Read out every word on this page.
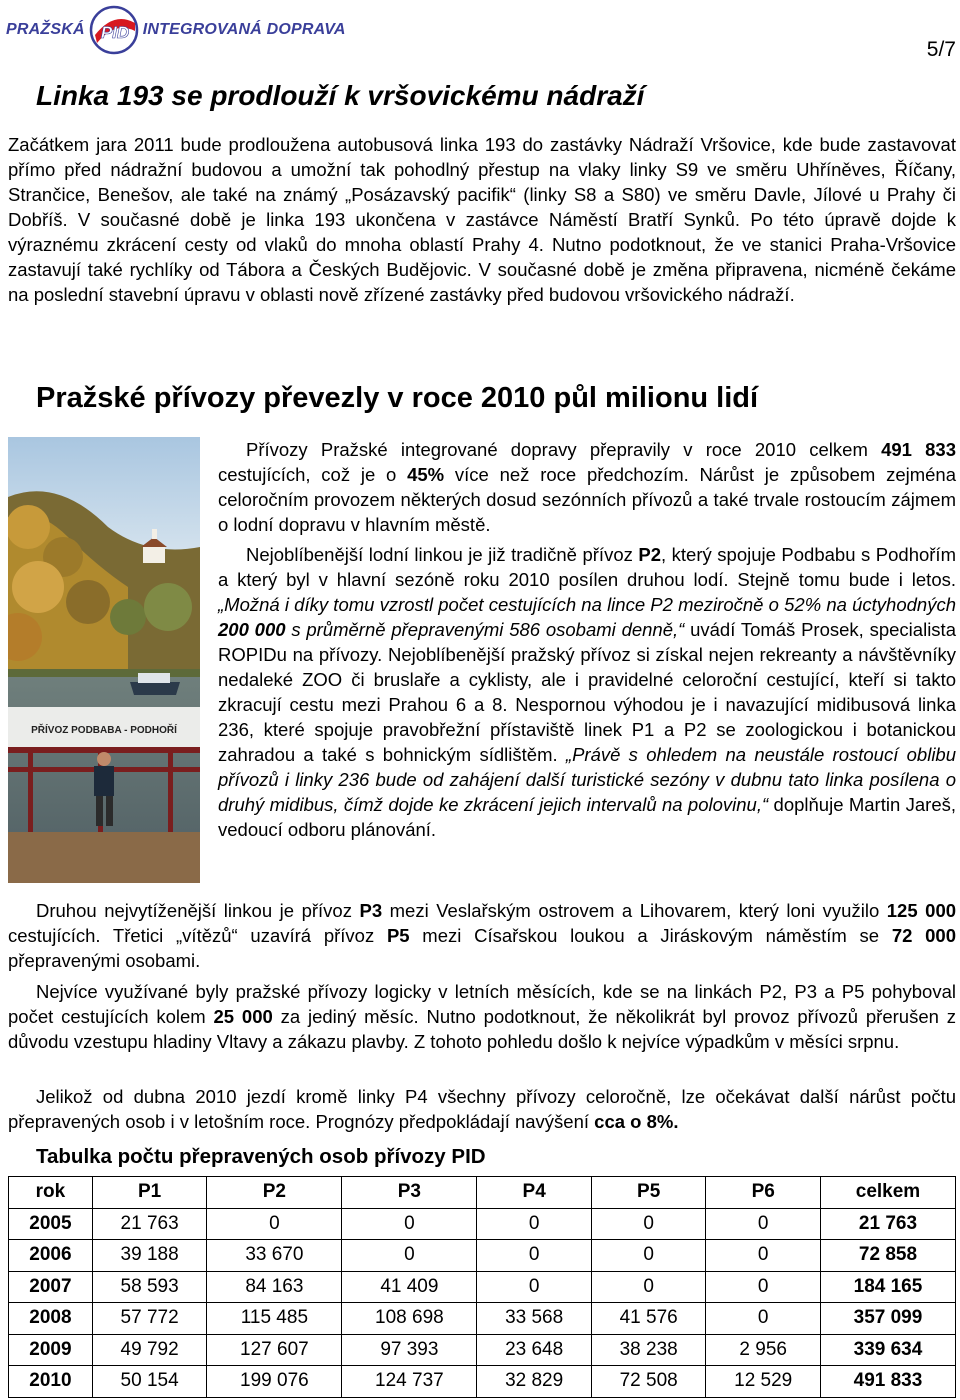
PRAŽSKÁ PID INTEGROVANÁ DOPRAVA
5/7
Linka 193 se prodlouží k vršovickému nádraží

Začátkem jara 2011 bude prodloužena autobusová linka 193 do zastávky Nádraží Vršovice, kde bude zastavovat přímo před nádražní budovou a umožní tak pohodlný přestup na vlaky linky S9 ve směru Uhříněves, Říčany, Strančice, Benešov, ale také na známý „Posázavský pacifik“ (linky S8 a S80) ve směru Davle, Jílové u Prahy či Dobříš. V současné době je linka 193 ukončena v zastávce Náměstí Bratří Synků. Po této úpravě dojde k výraznému zkrácení cesty od vlaků do mnoha oblastí Prahy 4. Nutno podotknout, že ve stanici Praha-Vršovice zastavují také rychlíky od Tábora a Českých Budějovic. V současné době je změna připravena, nicméně čekáme na poslední stavební úpravu v oblasti nově zřízené zastávky před budovou vršovického nádraží.

Pražské přívozy převezly v roce 2010 půl milionu lidí
PŘÍVOZ PODBABA - PODHOŘÍ

Přívozy Pražské integrované dopravy přepravily v roce 2010 celkem 491 833 cestujících, což je o 45% více než roce předchozím. Nárůst je způsobem zejména celoročním provozem některých dosud sezónních přívozů a také trvale rostoucím zájmem o lodní dopravu v hlavním městě.

Nejoblíbenější lodní linkou je již tradičně přívoz P2, který spojuje Podbabu s Podhořím a který byl v hlavní sezóně roku 2010 posílen druhou lodí. Stejně tomu bude i letos. „Možná i díky tomu vzrostl počet cestujících na lince P2 meziročně o 52% na úctyhodných 200 000 s průměrně přepravenými 586 osobami denně,“ uvádí Tomáš Prosek, specialista ROPIDu na přívozy. Nejoblíbenější pražský přívoz si získal nejen rekreanty a návštěvníky nedaleké ZOO či bruslaře a cyklisty, ale i pravidelné celoroční cestující, kteří si takto zkracují cestu mezi Prahou 6 a 8. Nespornou výhodou je i navazující midibusová linka 236, které spojuje pravobřežní přístaviště linek P1 a P2 se zoologickou i botanickou zahradou a také s bohnickým sídlištěm. „Právě s ohledem na neustále rostoucí oblibu přívozů i linky 236 bude od zahájení další turistické sezóny v dubnu tato linka posílena o druhý midibus, čímž dojde ke zkrácení jejich intervalů na polovinu,“ doplňuje Martin Jareš, vedoucí odboru plánování.

Druhou nejvytíženější linkou je přívoz P3 mezi Veslařským ostrovem a Lihovarem, který loni využilo 125 000 cestujících. Třetici „vítězů“ uzavírá přívoz P5 mezi Císařskou loukou a Jiráskovým náměstím se 72 000 přepravenými osobami.

Nejvíce využívané byly pražské přívozy logicky v letních měsících, kde se na linkách P2, P3 a P5 pohyboval počet cestujících kolem 25 000 za jediný měsíc. Nutno podotknout, že několikrát byl provoz přívozů přerušen z důvodu vzestupu hladiny Vltavy a zákazu plavby. Z tohoto pohledu došlo k nejvíce výpadkům v měsíci srpnu.

Jelikož od dubna 2010 jezdí kromě linky P4 všechny přívozy celoročně, lze očekávat další nárůst počtu přepravených osob i v letošním roce. Prognózy předpokládají navýšení cca o 8%.

Tabulka počtu přepravených osob přívozy PID
rok	P1	P2	P3	P4	P5	P6	celkem
2005	21 763	0	0	0	0	0	21 763
2006	39 188	33 670	0	0	0	0	72 858
2007	58 593	84 163	41 409	0	0	0	184 165
2008	57 772	115 485	108 698	33 568	41 576	0	357 099
2009	49 792	127 607	97 393	23 648	38 238	2 956	339 634
2010	50 154	199 076	124 737	32 829	72 508	12 529	491 833
